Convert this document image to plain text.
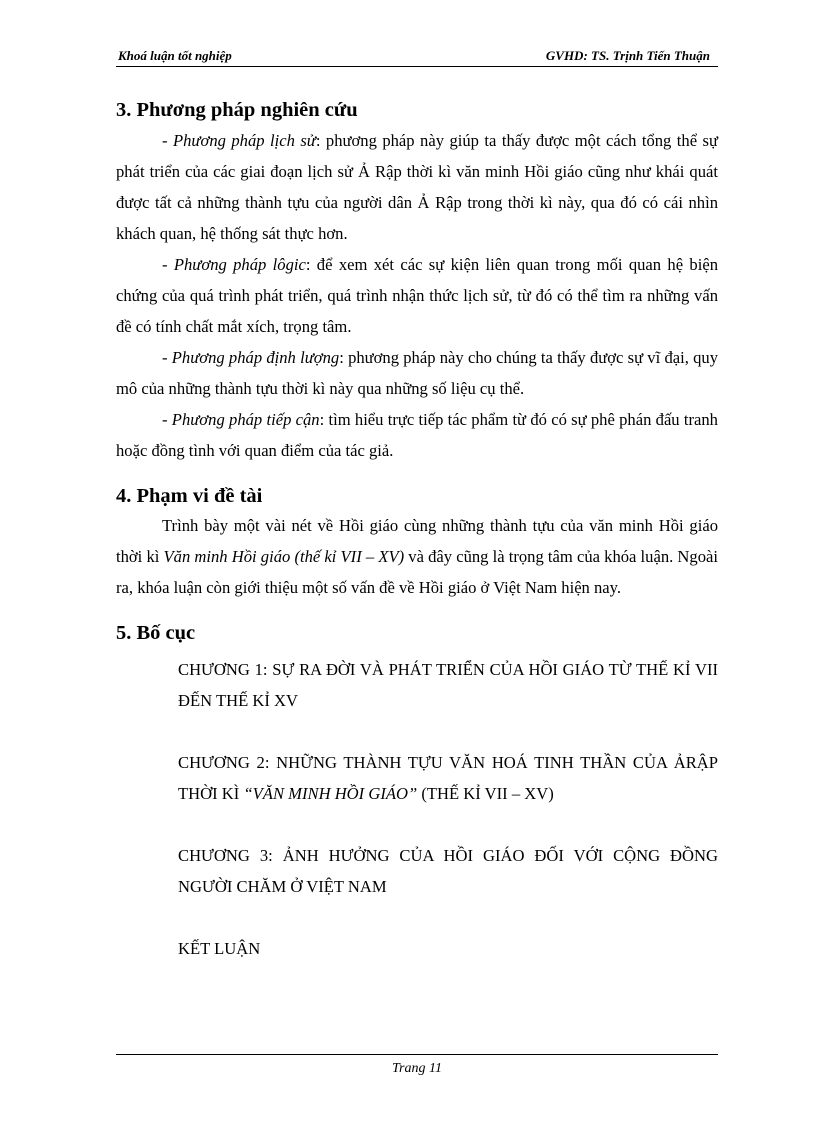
Khoá luận tốt nghiệp	GVHD: TS. Trịnh Tiến Thuận
3. Phương pháp nghiên cứu

- Phương pháp lịch sử: phương pháp này giúp ta thấy được một cách tổng thể sự phát triển của các giai đoạn lịch sử Ả Rập thời kì văn minh Hồi giáo cũng như khái quát được tất cả những thành tựu của người dân Ả Rập trong thời kì này, qua đó có cái nhìn khách quan, hệ thống sát thực hơn.

- Phương pháp lôgic: để xem xét các sự kiện liên quan trong mối quan hệ biện chứng của quá trình phát triển, quá trình nhận thức lịch sử, từ đó có thể tìm ra những vấn đề có tính chất mắt xích, trọng tâm.

- Phương pháp định lượng: phương pháp này cho chúng ta thấy được sự vĩ đại, quy mô của những thành tựu thời kì này qua những số liệu cụ thể.

- Phương pháp tiếp cận: tìm hiểu trực tiếp tác phẩm từ đó có sự phê phán đấu tranh hoặc đồng tình với quan điểm của tác giả.

4. Phạm vi đề tài

Trình bày một vài nét về Hồi giáo cùng những thành tựu của văn minh Hồi giáo thời kì Văn minh Hồi giáo (thế kỉ VII – XV) và đây cũng là trọng tâm của khóa luận. Ngoài ra, khóa luận còn giới thiệu một số vấn đề về Hồi giáo ở Việt Nam hiện nay.

5. Bố cục

CHƯƠNG 1: SỰ RA ĐỜI VÀ PHÁT TRIỂN CỦA HỒI GIÁO TỪ THẾ KỈ VII ĐẾN THẾ KỈ XV

CHƯƠNG 2: NHỮNG THÀNH TỰU VĂN HOÁ TINH THẦN CỦA ẢRẬP THỜI KÌ “VĂN MINH HỒI GIÁO” (THẾ KỈ VII – XV)

CHƯƠNG 3: ẢNH HƯỞNG CỦA HỒI GIÁO ĐỐI VỚI CỘNG ĐỒNG NGƯỜI CHĂM Ở VIỆT NAM

KẾT LUẬN

Trang 11
